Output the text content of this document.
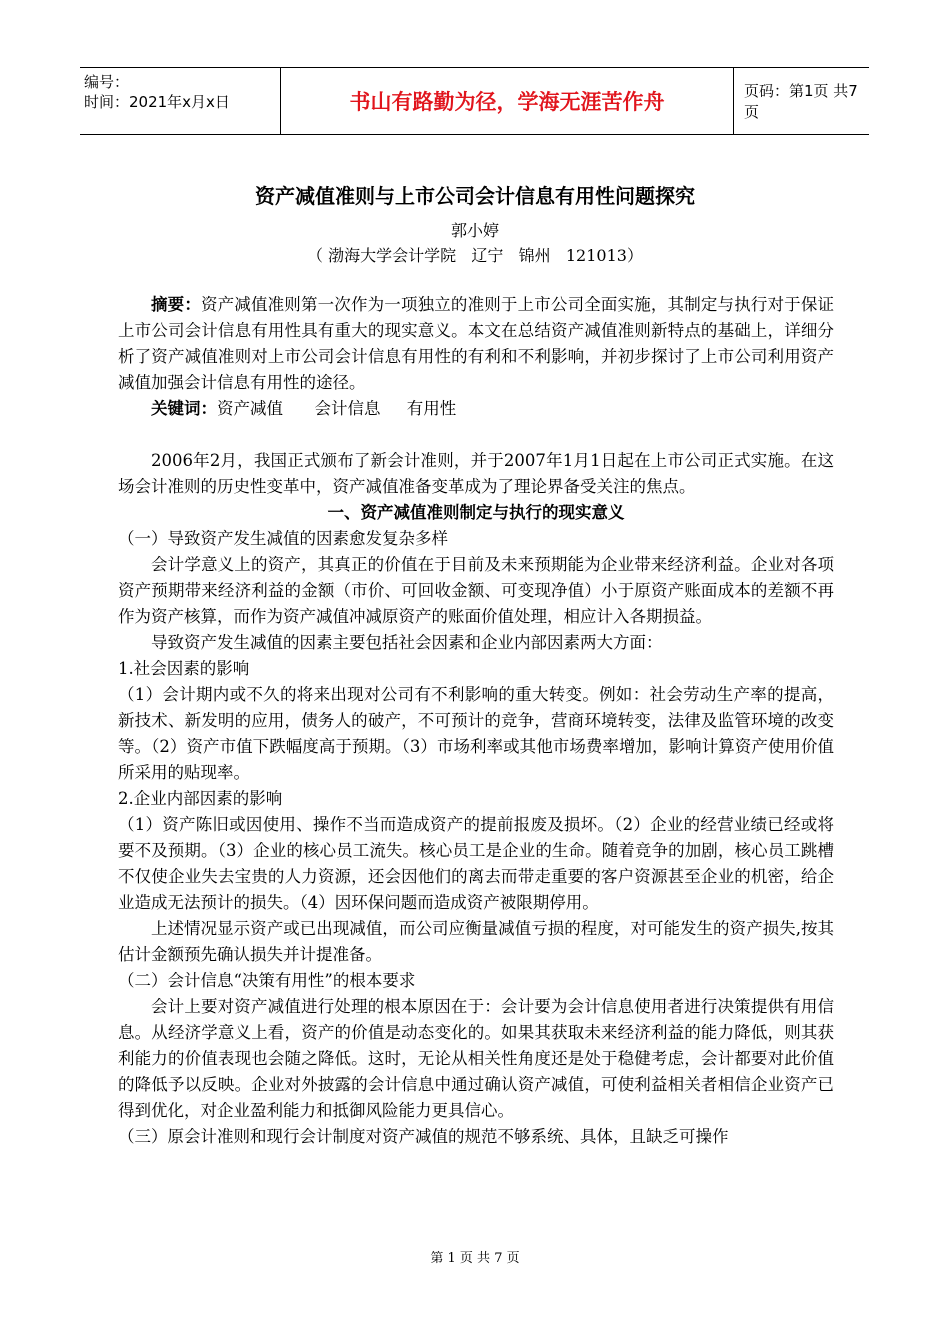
编号：
时间：2021年x月x日	书山有路勤为径，学海无涯苦作舟	页码：第1页 共7页
资产减值准则与上市公司会计信息有用性问题探究
郭小婷
（ 渤海大学会计学院   辽宁   锦州   121013）

摘要：资产减值准则第一次作为一项独立的准则于上市公司全面实施，其制定与执行对于保证上市公司会计信息有用性具有重大的现实意义。本文在总结资产减值准则新特点的基础上，详细分析了资产减值准则对上市公司会计信息有用性的有利和不利影响，并初步探讨了上市公司利用资产减值加强会计信息有用性的途径。

关键词：资产减值      会计信息     有用性

2006年2月，我国正式颁布了新会计准则，并于2007年1月1日起在上市公司正式实施。在这场会计准则的历史性变革中，资产减值准备变革成为了理论界备受关注的焦点。

一、资产减值准则制定与执行的现实意义

（一）导致资产发生减值的因素愈发复杂多样

会计学意义上的资产，其真正的价值在于目前及未来预期能为企业带来经济利益。企业对各项资产预期带来经济利益的金额（市价、可回收金额、可变现净值）小于原资产账面成本的差额不再作为资产核算，而作为资产减值冲减原资产的账面价值处理，相应计入各期损益。

导致资产发生减值的因素主要包括社会因素和企业内部因素两大方面：

1.社会因素的影响

（1）会计期内或不久的将来出现对公司有不利影响的重大转变。例如：社会劳动生产率的提高，新技术、新发明的应用，债务人的破产，不可预计的竞争，营商环境转变，法律及监管环境的改变等。（2）资产市值下跌幅度高于预期。（3）市场利率或其他市场费率增加，影响计算资产使用价值所采用的贴现率。

2.企业内部因素的影响

（1）资产陈旧或因使用、操作不当而造成资产的提前报废及损坏。（2）企业的经营业绩已经或将要不及预期。（3）企业的核心员工流失。核心员工是企业的生命。随着竞争的加剧，核心员工跳槽不仅使企业失去宝贵的人力资源，还会因他们的离去而带走重要的客户资源甚至企业的机密，给企业造成无法预计的损失。（4）因环保问题而造成资产被限期停用。

上述情况显示资产或已出现减值，而公司应衡量减值亏损的程度，对可能发生的资产损失,按其估计金额预先确认损失并计提准备。

（二）会计信息“决策有用性”的根本要求

会计上要对资产减值进行处理的根本原因在于：会计要为会计信息使用者进行决策提供有用信息。从经济学意义上看，资产的价值是动态变化的。如果其获取未来经济利益的能力降低，则其获利能力的价值表现也会随之降低。这时，无论从相关性角度还是处于稳健考虑，会计都要对此价值的降低予以反映。企业对外披露的会计信息中通过确认资产减值，可使利益相关者相信企业资产已得到优化，对企业盈利能力和抵御风险能力更具信心。

（三）原会计准则和现行会计制度对资产减值的规范不够系统、具体，且缺乏可操作

第 1 页 共 7 页
